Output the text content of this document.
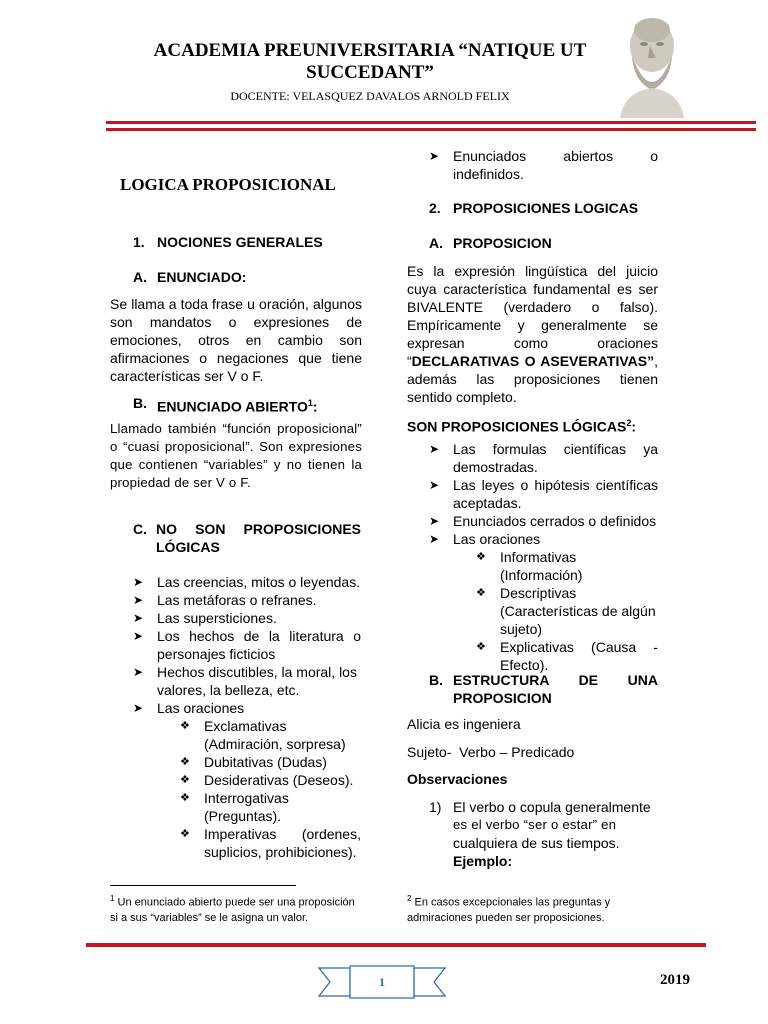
ACADEMIA PREUNIVERSITARIA “NATIQUE UT SUCCEDANT”
DOCENTE: VELASQUEZ DAVALOS ARNOLD FELIX
LOGICA PROPOSICIONAL
1. NOCIONES GENERALES
A. ENUNCIADO:
Se llama a toda frase u oración, algunos son mandatos o expresiones de emociones, otros en cambio son afirmaciones o negaciones que tiene características ser V o F.
B. ENUNCIADO ABIERTO$^1$:
Llamado también “función proposicional” o “cuasi proposicional”. Son expresiones que contienen “variables” y no tienen la propiedad de ser V o F.
C. NO SON PROPOSICIONES LÓGICAS
➤ Las creencias, mitos o leyendas.
➤ Las metáforas o refranes.
➤ Las supersticiones.
➤ Los hechos de la literatura o personajes ficticios
➤ Hechos discutibles, la moral, los valores, la belleza, etc.
➤ Las oraciones
❖ Exclamativas (Admiración, sorpresa)
❖ Dubitativas (Dudas)
❖ Desiderativas (Deseos).
❖ Interrogativas (Preguntas).
❖ Imperativas (ordenes, suplicios, prohibiciones).
➤ Enunciados abiertos o indefinidos.
2. PROPOSICIONES LOGICAS
A. PROPOSICION
Es la expresión lingüística del juicio cuya característica fundamental es ser BIVALENTE (verdadero o falso). Empíricamente y generalmente se expresan como oraciones “DECLARATIVAS O ASEVERATIVAS”, además las proposiciones tienen sentido completo.
SON PROPOSICIONES LÓGICAS$^2$:
➤ Las formulas científicas ya demostradas.
➤ Las leyes o hipótesis científicas aceptadas.
➤ Enunciados cerrados o definidos
➤ Las oraciones
❖ Informativas (Información)
❖ Descriptivas (Características de algún sujeto)
❖ Explicativas (Causa - Efecto).
B. ESTRUCTURA DE UNA PROPOSICION
Alicia es ingeniera
Sujeto-  Verbo – Predicado
Observaciones
1) El verbo o copula generalmente
es el verbo “ser o estar” en
cualquiera de sus tiempos.
Ejemplo:
$^1$ Un enunciado abierto puede ser una proposición si a sus “variables” se le asigna un valor.
$^2$ En casos excepcionales las preguntas y admiraciones pueden ser proposiciones.
1	2019
